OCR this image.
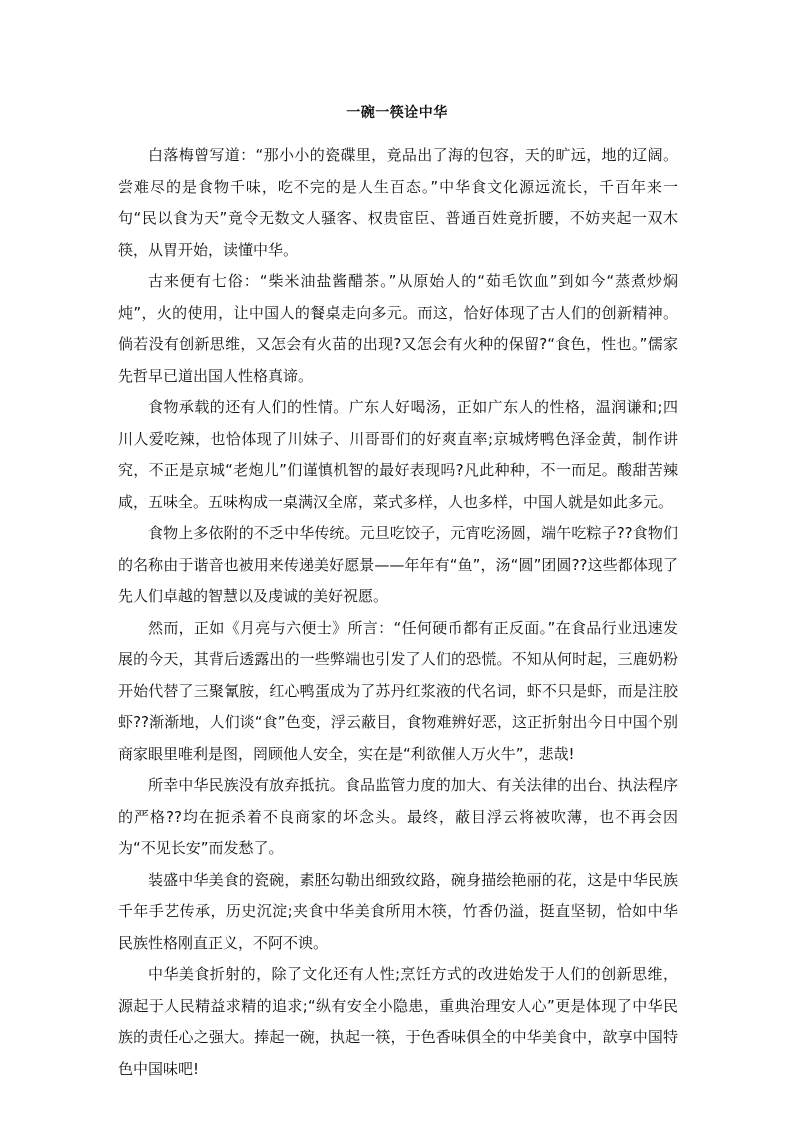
一碗一筷诠中华

白落梅曾写道：“那小小的瓷碟里，竟品出了海的包容，天的旷远，地的辽阔。尝难尽的是食物千味，吃不完的是人生百态。”中华食文化源远流长，千百年来一句“民以食为天”竟令无数文人骚客、权贵宦臣、普通百姓竟折腰，不妨夹起一双木筷，从胃开始，读懂中华。

古来便有七俗：“柴米油盐酱醋茶。”从原始人的“茹毛饮血”到如今“蒸煮炒焖炖”，火的使用，让中国人的餐桌走向多元。而这，恰好体现了古人们的创新精神。倘若没有创新思维，又怎会有火苗的出现?又怎会有火种的保留?“食色，性也。”儒家先哲早已道出国人性格真谛。

食物承载的还有人们的性情。广东人好喝汤，正如广东人的性格，温润谦和;四川人爱吃辣，也恰体现了川妹子、川哥哥们的好爽直率;京城烤鸭色泽金黄，制作讲究，不正是京城“老炮儿”们谨慎机智的最好表现吗?凡此种种，不一而足。酸甜苦辣咸，五味全。五味构成一桌满汉全席，菜式多样，人也多样，中国人就是如此多元。

食物上多依附的不乏中华传统。元旦吃饺子，元宵吃汤圆，端午吃粽子??食物们的名称由于谐音也被用来传递美好愿景——年年有“鱼”，汤“圆”团圆??这些都体现了先人们卓越的智慧以及虔诚的美好祝愿。

然而，正如《月亮与六便士》所言：“任何硬币都有正反面。”在食品行业迅速发展的今天，其背后透露出的一些弊端也引发了人们的恐慌。不知从何时起，三鹿奶粉开始代替了三聚氰胺，红心鸭蛋成为了苏丹红浆液的代名词，虾不只是虾，而是注胶虾??渐渐地，人们谈“食”色变，浮云蔽目，食物难辨好恶，这正折射出今日中国个别商家眼里唯利是图，罔顾他人安全，实在是“利欲催人万火牛”，悲哉!

所幸中华民族没有放弃抵抗。食品监管力度的加大、有关法律的出台、执法程序的严格??均在扼杀着不良商家的坏念头。最终，蔽目浮云将被吹薄，也不再会因为“不见长安”而发愁了。

装盛中华美食的瓷碗，素胚勾勒出细致纹路，碗身描绘艳丽的花，这是中华民族千年手艺传承，历史沉淀;夹食中华美食所用木筷，竹香仍溢，挺直坚韧，恰如中华民族性格刚直正义，不阿不谀。

中华美食折射的，除了文化还有人性;烹饪方式的改进始发于人们的创新思维，源起于人民精益求精的追求;“纵有安全小隐患，重典治理安人心”更是体现了中华民族的责任心之强大。捧起一碗，执起一筷，于色香味俱全的中华美食中，歆享中国特色中国味吧!
